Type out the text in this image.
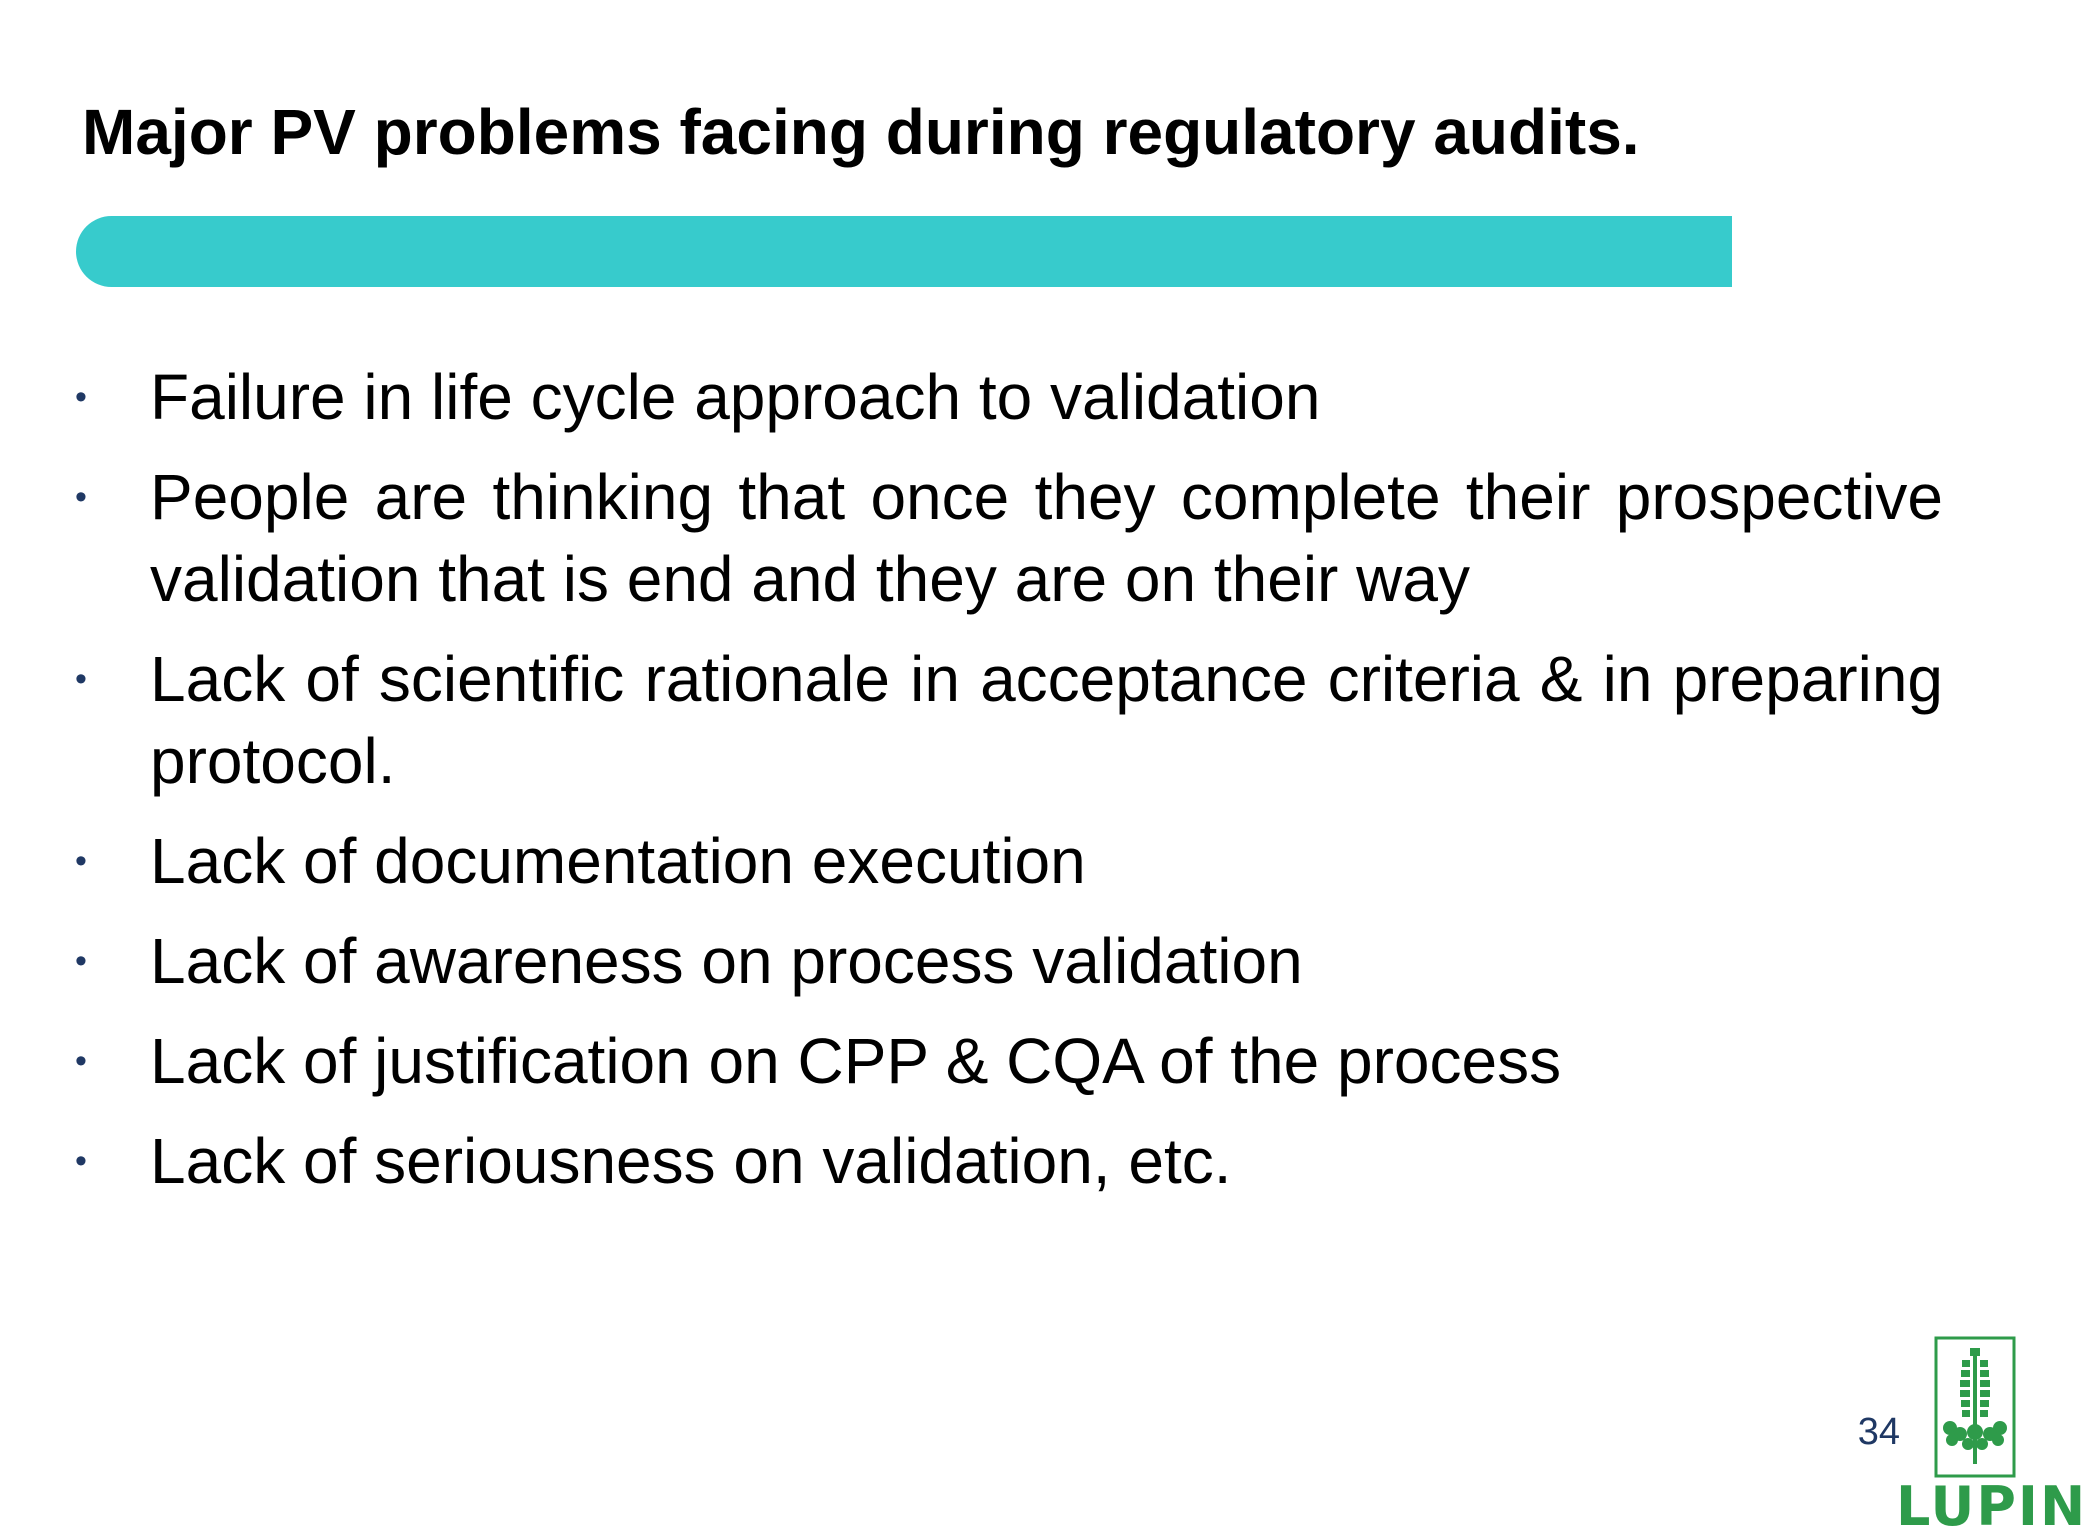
Major PV problems facing during regulatory audits.
• Failure in life cycle approach to validation
• People are thinking that once they complete their prospective validation that is end and they are on their way
• Lack of scientific rationale in acceptance criteria & in preparing protocol.
• Lack of documentation execution
• Lack of awareness on process validation
• Lack of justification on CPP & CQA of the process
• Lack of seriousness on validation, etc.
34
LUPIN
